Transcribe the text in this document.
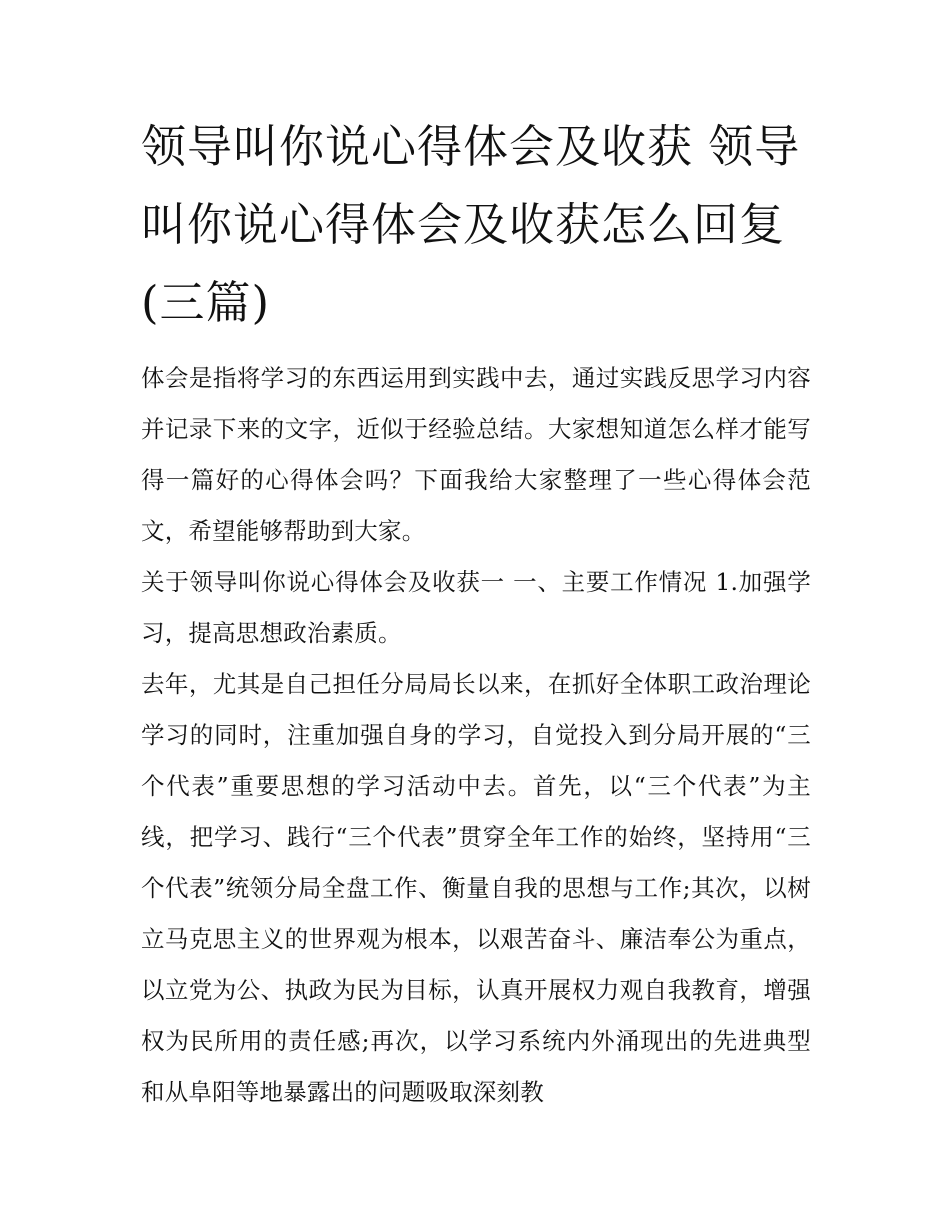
领导叫你说心得体会及收获 领导叫你说心得体会及收获怎么回复(三篇)

体会是指将学习的东西运用到实践中去，通过实践反思学习内容并记录下来的文字，近似于经验总结。大家想知道怎么样才能写得一篇好的心得体会吗？下面我给大家整理了一些心得体会范文，希望能够帮助到大家。

关于领导叫你说心得体会及收获一 一、主要工作情况 1.加强学习，提高思想政治素质。

去年，尤其是自己担任分局局长以来，在抓好全体职工政治理论学习的同时，注重加强自身的学习，自觉投入到分局开展的“三个代表”重要思想的学习活动中去。首先，以“三个代表”为主线，把学习、践行“三个代表”贯穿全年工作的始终，坚持用“三个代表”统领分局全盘工作、衡量自我的思想与工作;其次，以树立马克思主义的世界观为根本，以艰苦奋斗、廉洁奉公为重点，以立党为公、执政为民为目标，认真开展权力观自我教育，增强权为民所用的责任感;再次，以学习系统内外涌现出的先进典型和从阜阳等地暴露出的问题吸取深刻教
